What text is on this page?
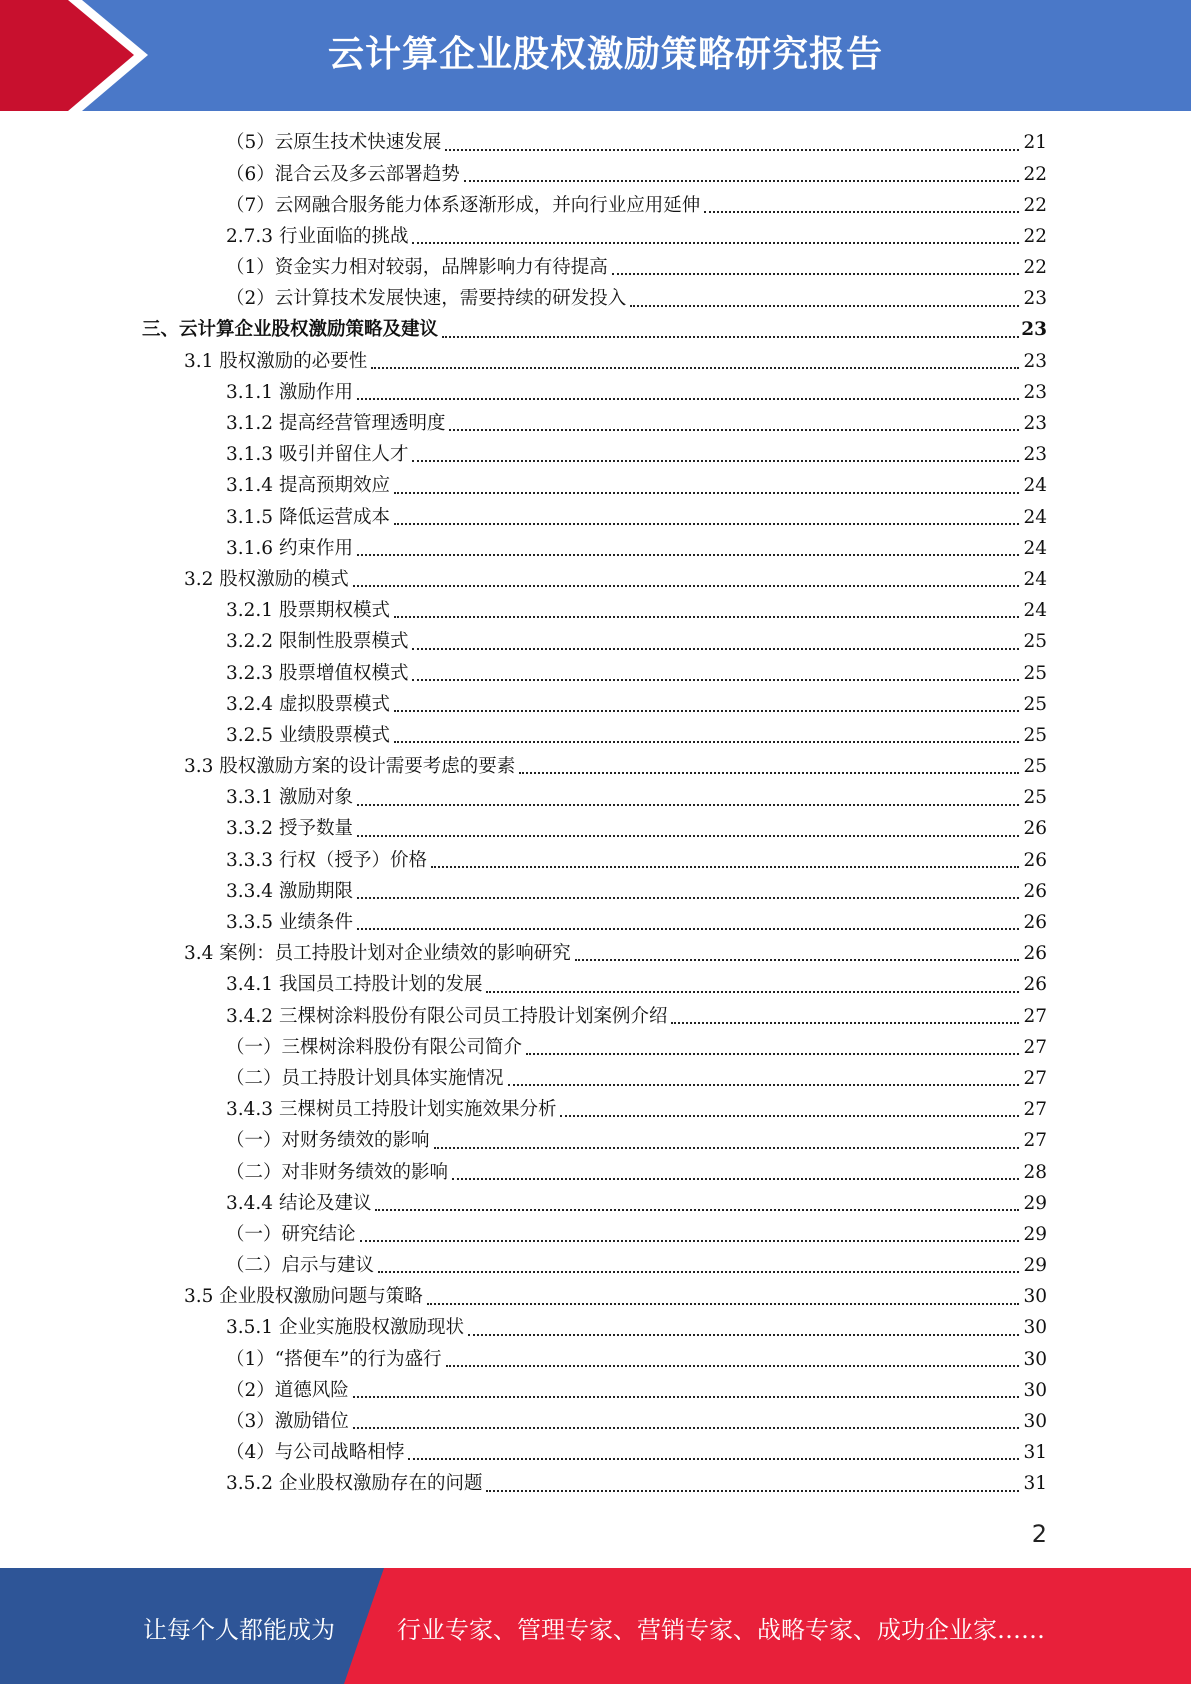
云计算企业股权激励策略研究报告
（5）云原生技术快速发展	21
（6）混合云及多云部署趋势	22
（7）云网融合服务能力体系逐渐形成，并向行业应用延伸	22
2.7.3 行业面临的挑战	22
（1）资金实力相对较弱，品牌影响力有待提高	22
（2）云计算技术发展快速，需要持续的研发投入	23
三、云计算企业股权激励策略及建议	23
3.1 股权激励的必要性	23
3.1.1 激励作用	23
3.1.2 提高经营管理透明度	23
3.1.3 吸引并留住人才	23
3.1.4 提高预期效应	24
3.1.5 降低运营成本	24
3.1.6 约束作用	24
3.2 股权激励的模式	24
3.2.1 股票期权模式	24
3.2.2 限制性股票模式	25
3.2.3 股票增值权模式	25
3.2.4 虚拟股票模式	25
3.2.5 业绩股票模式	25
3.3 股权激励方案的设计需要考虑的要素	25
3.3.1 激励对象	25
3.3.2 授予数量	26
3.3.3 行权（授予）价格	26
3.3.4 激励期限	26
3.3.5 业绩条件	26
3.4 案例：员工持股计划对企业绩效的影响研究	26
3.4.1 我国员工持股计划的发展	26
3.4.2 三棵树涂料股份有限公司员工持股计划案例介绍	27
（一）三棵树涂料股份有限公司简介	27
（二）员工持股计划具体实施情况	27
3.4.3 三棵树员工持股计划实施效果分析	27
（一）对财务绩效的影响	27
（二）对非财务绩效的影响	28
3.4.4 结论及建议	29
（一）研究结论	29
（二）启示与建议	29
3.5 企业股权激励问题与策略	30
3.5.1 企业实施股权激励现状	30
（1）“搭便车”的行为盛行	30
（2）道德风险	30
（3）激励错位	30
（4）与公司战略相悖	31
3.5.2 企业股权激励存在的问题	31
2
让每个人都能成为	行业专家、管理专家、营销专家、战略专家、成功企业家……
